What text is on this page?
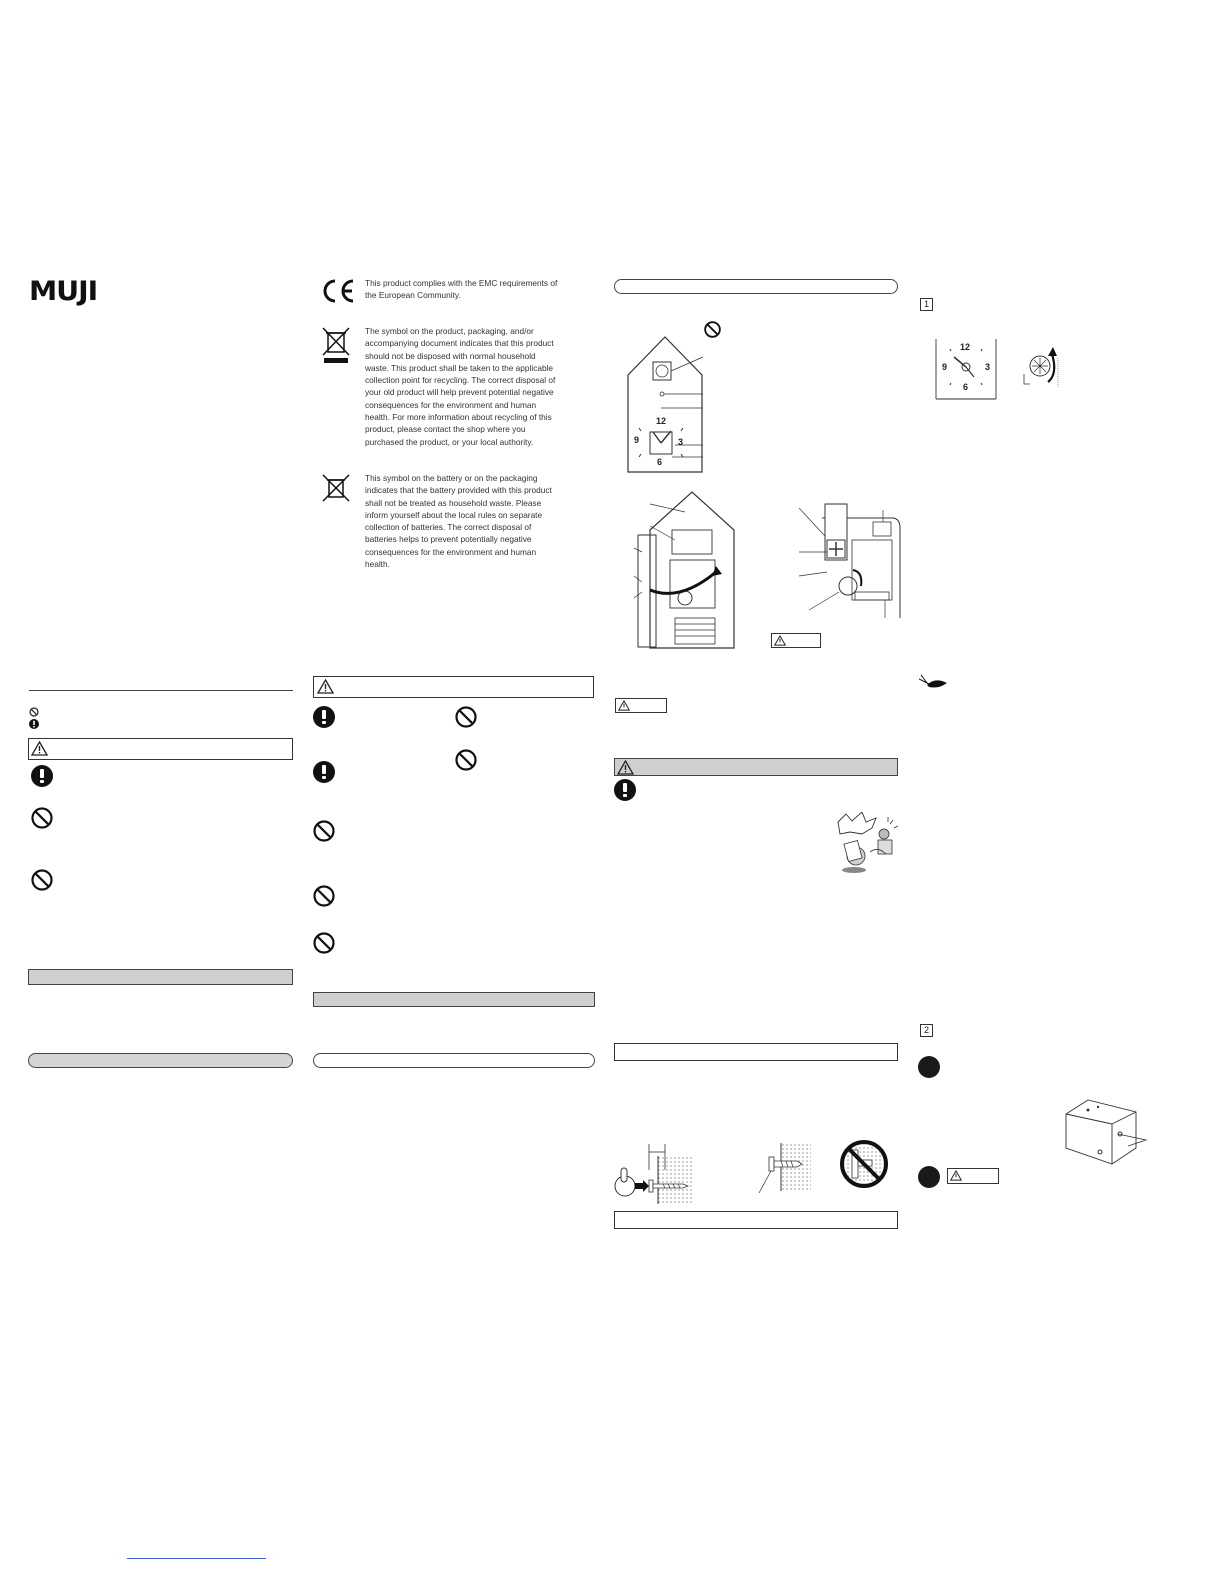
MUJI	This product complies with the EMC requirements of the European Community.
The symbol on the product, packaging, and/or accompanying document indicates that this product should not be disposed with normal household waste. This product shall be taken to the applicable collection point for recycling. The correct disposal of your old product will help prevent potential negative consequences for the environment and human health. For more information about recycling of this product, please contact the shop where you purchased the product, or your local authority.
This symbol on the battery or on the packaging indicates that the battery provided with this product shall not be treated as household waste. Please inform yourself about the local rules on separate collection of batteries. The correct disposal of batteries helps to prevent potentially negative consequences for the environment and human health.
12
9	3
6
1
12
9	3
6
2
